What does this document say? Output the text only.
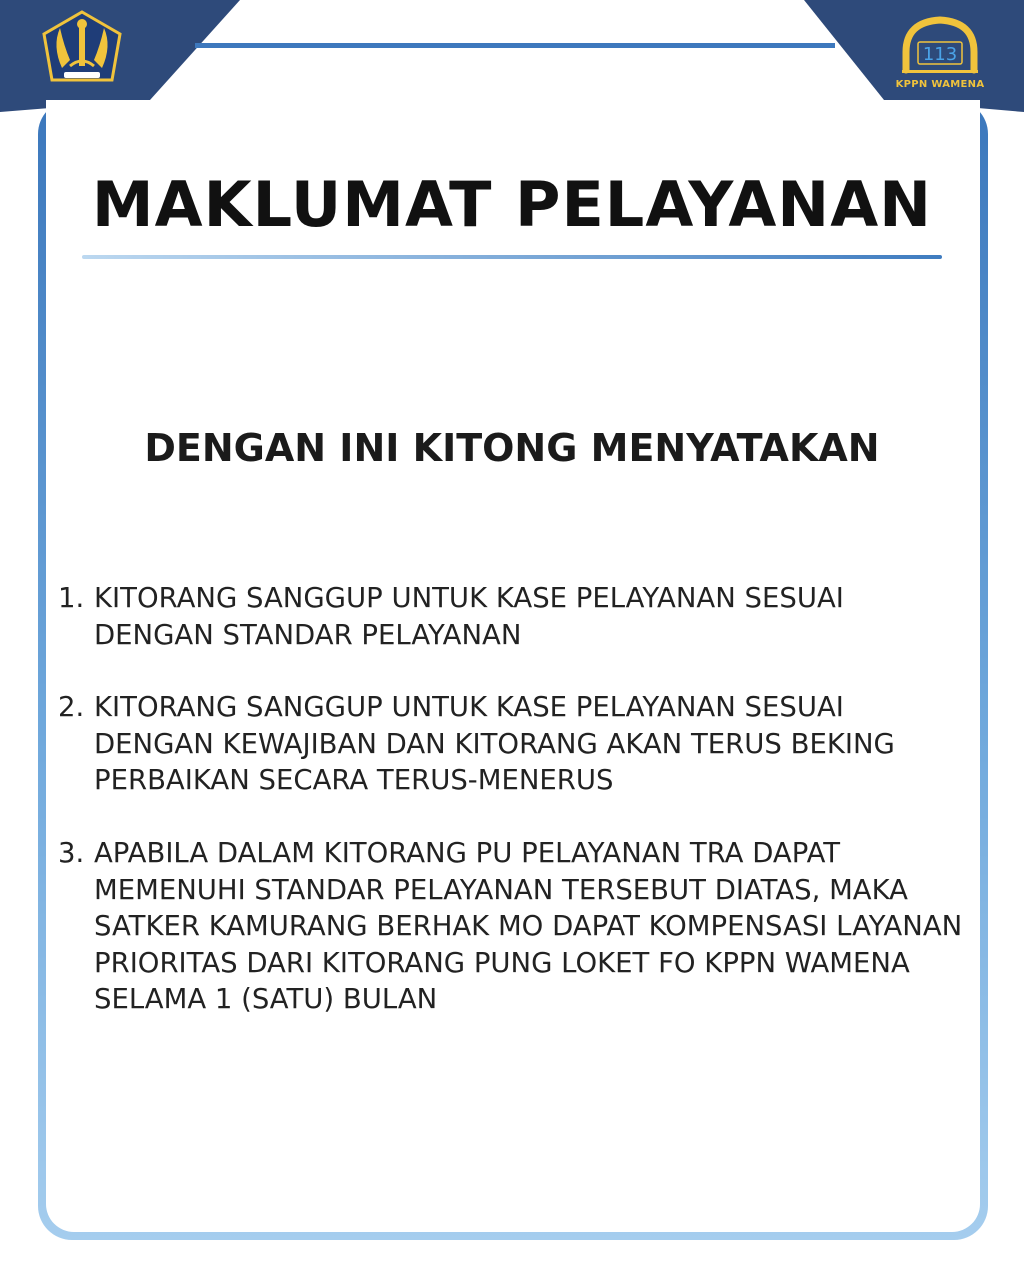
113
KPPN WAMENA
MAKLUMAT PELAYANAN
DENGAN INI KITONG MENYATAKAN
1. KITORANG SANGGUP UNTUK KASE PELAYANAN SESUAI DENGAN STANDAR PELAYANAN
2. KITORANG SANGGUP UNTUK KASE PELAYANAN SESUAI DENGAN KEWAJIBAN DAN KITORANG AKAN TERUS BEKING PERBAIKAN SECARA TERUS-MENERUS
3. APABILA DALAM KITORANG PU PELAYANAN TRA DAPAT MEMENUHI STANDAR PELAYANAN TERSEBUT DIATAS, MAKA SATKER KAMURANG BERHAK MO DAPAT KOMPENSASI LAYANAN PRIORITAS DARI KITORANG PUNG LOKET FO KPPN WAMENA SELAMA 1 (SATU) BULAN
